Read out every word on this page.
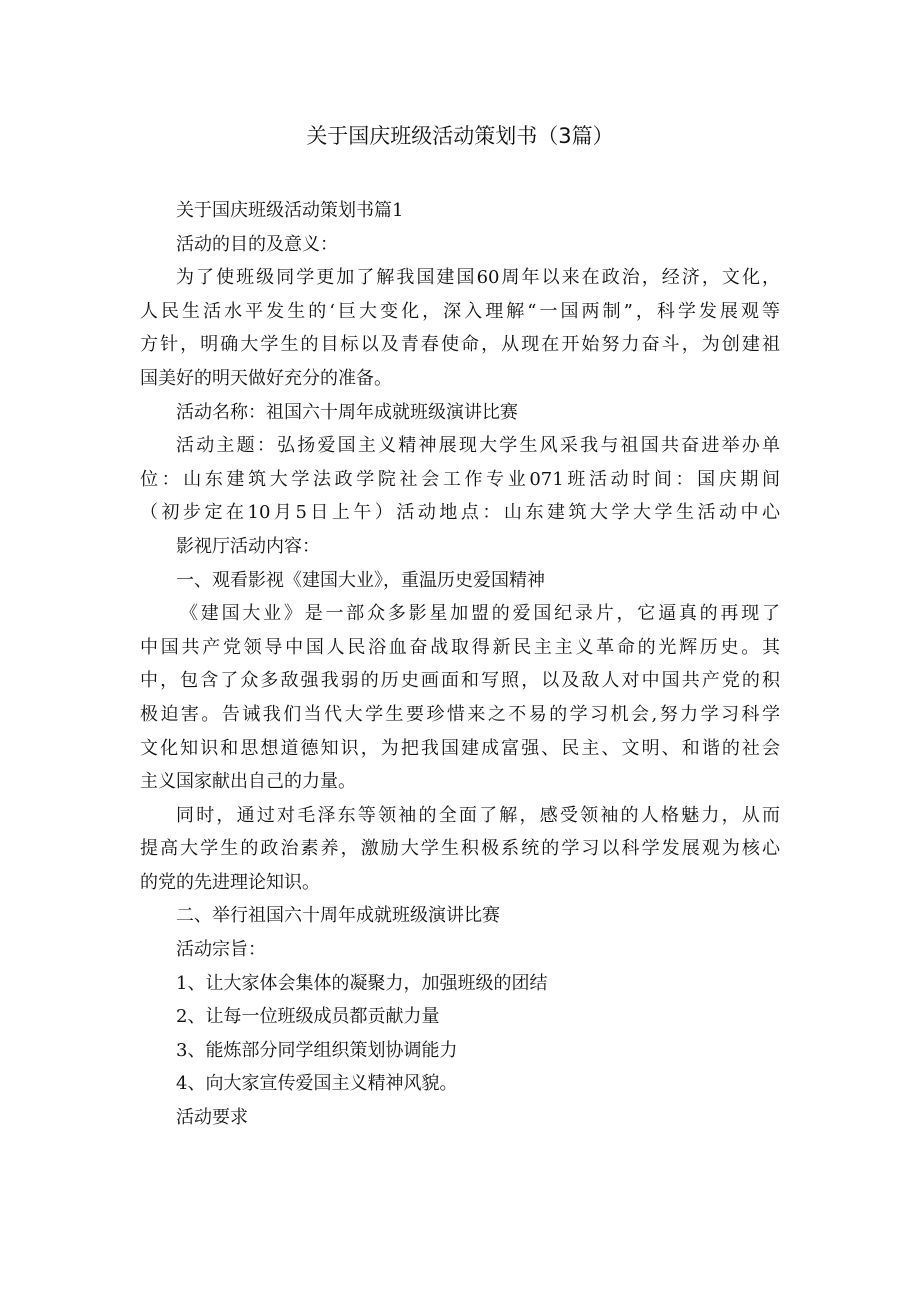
关于国庆班级活动策划书（3篇）
关于国庆班级活动策划书篇1
活动的目的及意义：
为了使班级同学更加了解我国建国60周年以来在政治，经济，文化，
人民生活水平发生的‘巨大变化，深入理解“一国两制”，科学发展观等
方针，明确大学生的目标以及青春使命，从现在开始努力奋斗，为创建祖
国美好的明天做好充分的准备。
活动名称：祖国六十周年成就班级演讲比赛
活动主题：弘扬爱国主义精神展现大学生风采我与祖国共奋进举办单
位：山东建筑大学法政学院社会工作专业071班活动时间：国庆期间
（初步定在10月5日上午）活动地点：山东建筑大学大学生活动中心
影视厅活动内容：
一、观看影视《建国大业》，重温历史爱国精神
《建国大业》是一部众多影星加盟的爱国纪录片，它逼真的再现了
中国共产党领导中国人民浴血奋战取得新民主主义革命的光辉历史。其
中，包含了众多敌强我弱的历史画面和写照，以及敌人对中国共产党的积
极迫害。告诫我们当代大学生要珍惜来之不易的学习机会,努力学习科学
文化知识和思想道德知识，为把我国建成富强、民主、文明、和谐的社会
主义国家献出自己的力量。
同时，通过对毛泽东等领袖的全面了解，感受领袖的人格魅力，从而
提高大学生的政治素养，激励大学生积极系统的学习以科学发展观为核心
的党的先进理论知识。
二、举行祖国六十周年成就班级演讲比赛
活动宗旨：
1、让大家体会集体的凝聚力，加强班级的团结
2、让每一位班级成员都贡献力量
3、能炼部分同学组织策划协调能力
4、向大家宣传爱国主义精神风貌。
活动要求
